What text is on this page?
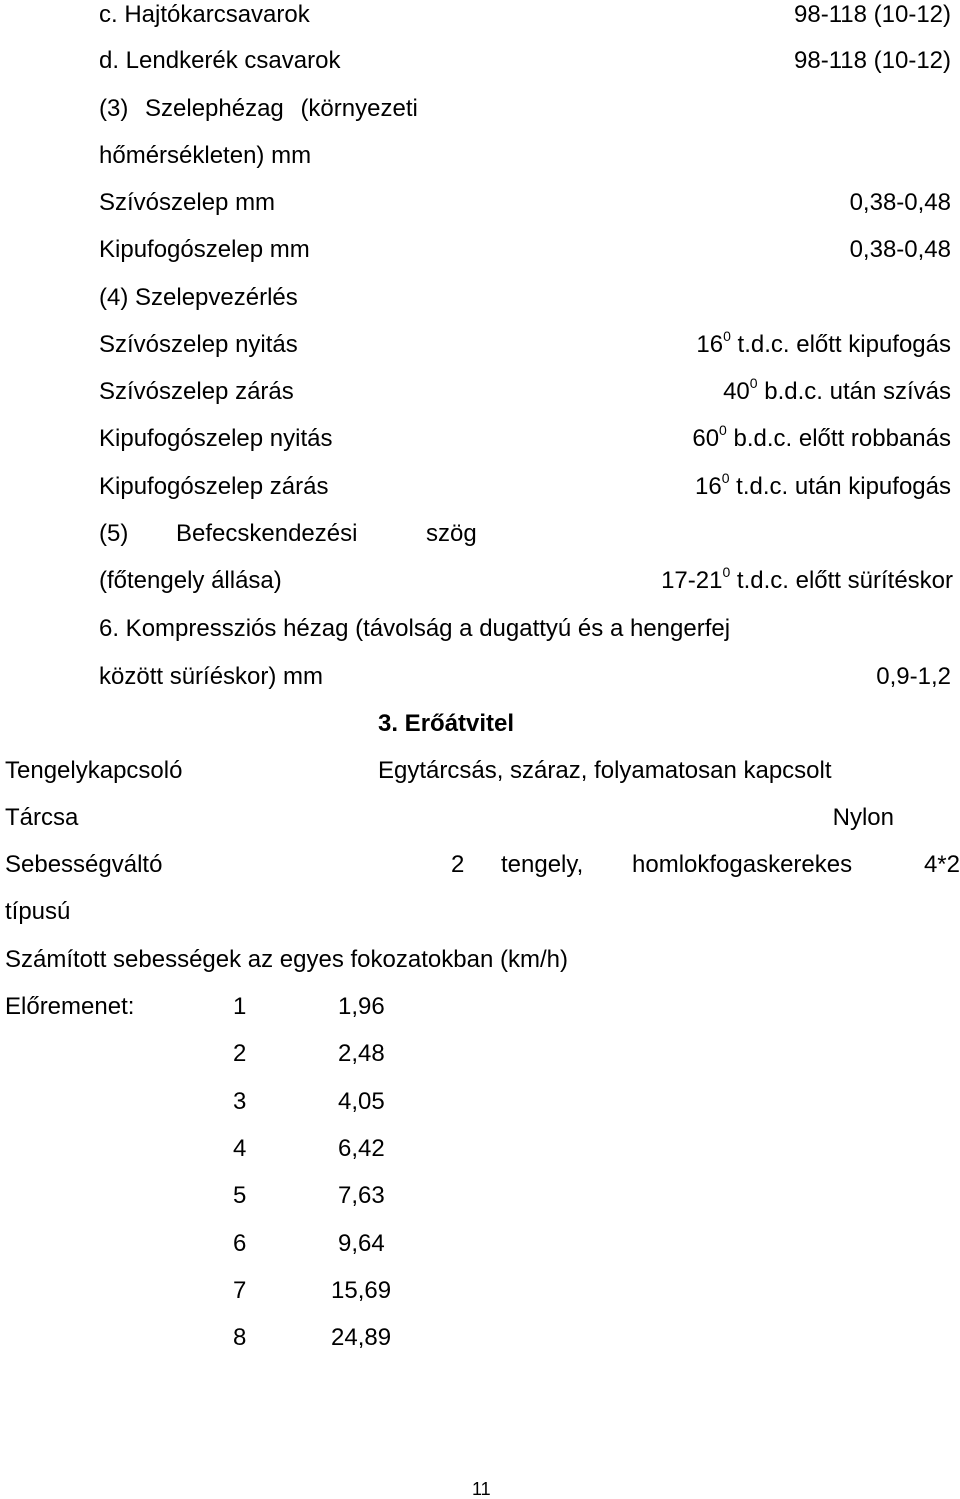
c. Hajtókarcsavarok	98-118 (10-12)
d. Lendkerék csavarok	98-118 (10-12)
(3) Szelephézag (környezeti
hőmérsékleten) mm
Szívószelep mm	0,38-0,48
Kipufogószelep mm	0,38-0,48
(4) Szelepvezérlés
Szívószelep nyitás	$16^0$ t.d.c. előtt kipufogás
Szívószelep zárás	$40^0$ b.d.c. után szívás
Kipufogószelep nyitás	$60^0$ b.d.c. előtt robbanás
Kipufogószelep zárás	$16^0$ t.d.c. után kipufogás
(5) Befecskendezési	szög
(főtengely állása)	$17-21^0$ t.d.c. előtt sürítéskor
6. Kompressziós hézag (távolság a dugattyú és a hengerfej
között süríéskor) mm	0,9-1,2
3. Erőátvitel
Tengelykapcsoló	Egytárcsás, száraz, folyamatosan kapcsolt
Tárcsa	Nylon
Sebességváltó	2 tengely, homlokfogaskerekes	4*2
típusú
Számított sebességek az egyes fokozatokban (km/h)
Előremenet:	1	1,96
2	2,48
3	4,05
4	6,42
5	7,63
6	9,64
7	15,69
8	24,89
11
